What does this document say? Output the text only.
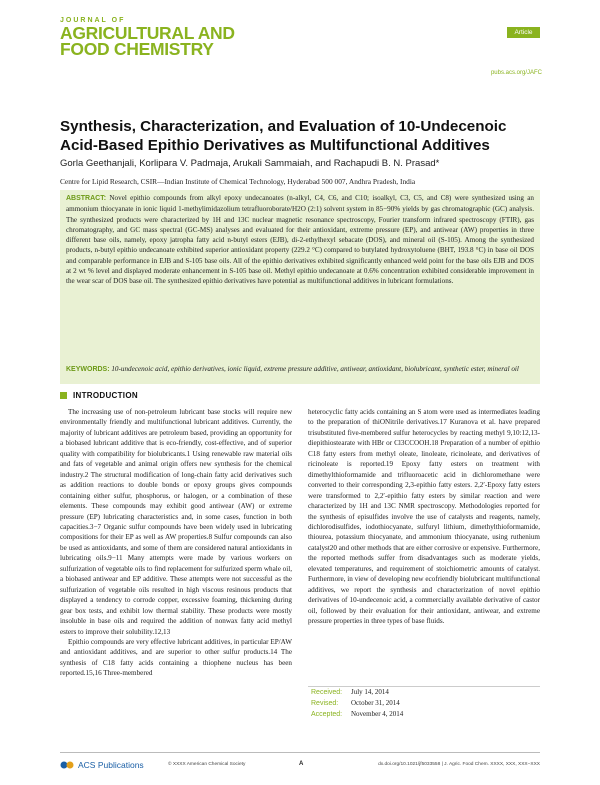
JOURNAL OF
AGRICULTURAL AND
FOOD CHEMISTRY
Article
pubs.acs.org/JAFC
Synthesis, Characterization, and Evaluation of 10-Undecenoic Acid-Based Epithio Derivatives as Multifunctional Additives
Gorla Geethanjali, Korlipara V. Padmaja, Arukali Sammaiah, and Rachapudi B. N. Prasad*
Centre for Lipid Research, CSIR—Indian Institute of Chemical Technology, Hyderabad 500 007, Andhra Pradesh, India
ABSTRACT: Novel epithio compounds from alkyl epoxy undecanoates (n-alkyl, C4, C6, and C10; isoalkyl, C3, C5, and C8) were synthesized using an ammonium thiocyanate in ionic liquid 1-methylimidazolium tetrafluoroborate/H2O (2:1) solvent system in 85−90% yields by gas chromatographic (GC) analysis. The synthesized products were characterized by 1H and 13C nuclear magnetic resonance spectroscopy, Fourier transform infrared spectroscopy (FTIR), gas chromatography, and GC mass spectral (GC-MS) analyses and evaluated for their antioxidant, extreme pressure (EP), and antiwear (AW) properties in three different base oils, namely, epoxy jatropha fatty acid n-butyl esters (EJB), di-2-ethylhexyl sebacate (DOS), and mineral oil (S-105). Among the synthesized products, n-butyl epithio undecanoate exhibited superior antioxidant property (229.2 °C) compared to butylated hydroxytoluene (BHT, 193.8 °C) in base oil DOS and comparable performance in EJB and S-105 base oils. All of the epithio derivatives exhibited significantly enhanced weld point for the base oils EJB and DOS at 2 wt % level and displayed moderate enhancement in S-105 base oil. Methyl epithio undecanoate at 0.6% concentration exhibited considerable improvement in the wear scar of DOS base oil. The synthesized epithio derivatives have potential as multifunctional additives in lubricant formulations.
KEYWORDS: 10-undecenoic acid, epithio derivatives, ionic liquid, extreme pressure additive, antiwear, antioxidant, biolubricant, synthetic ester, mineral oil
INTRODUCTION

The increasing use of non-petroleum lubricant base stocks will require new environmentally friendly and multifunctional lubricant additives. Currently, the majority of lubricant additives are petroleum based, providing an opportunity for a biobased lubricant additive that is eco-friendly, cost-effective, and of superior quality with compatibility for biolubricants.1 Using renewable raw material oils and fats of vegetable and animal origin offers new synthesis for the chemical industry.2 The structural modification of long-chain fatty acid derivatives such as addition reactions to double bonds or epoxy groups gives compounds containing either sulfur, phosphorus, or halogen, or a combination of these elements. These compounds may exhibit good antiwear (AW) or extreme pressure (EP) lubricating characteristics and, in some cases, function in both capacities.3−7 Organic sulfur compounds have been widely used in lubricating compositions for their EP as well as AW properties.8 Sulfur compounds can also be used as antioxidants, and some of them are considered natural antioxidants in lubricating oils.9−11 Many attempts were made by various workers on sulfurization of vegetable oils to find replacement for sulfurized sperm whale oil, a biobased antiwear and EP additive. These attempts were not successful as the sulfurization of vegetable oils resulted in high viscous resinous products that displayed a tendency to corrode copper, excessive foaming, thickening during gear box tests, and exhibit low thermal stability. These products were mostly insoluble in base oils and required the addition of nonwax fatty acid methyl esters to improve their solubility.12,13

Epithio compounds are very effective lubricant additives, in particular EP/AW and antioxidant additives, and are superior to other sulfur products.14 The synthesis of C18 fatty acids containing a thiophene nucleus has been reported.15,16 Three-membered

heterocyclic fatty acids containing an S atom were used as intermediates leading to the preparation of thiONitrile derivatives.17 Kuranova et al. have prepared trisubstituted five-membered sulfur heterocycles by reacting methyl 9,10:12,13-diepithiostearate with HBr or Cl3CCOOH.18 Preparation of a number of epithio C18 fatty esters from methyl oleate, linoleate, ricinoleate, and derivatives of ricinoleate is reported.19 Epoxy fatty esters on treatment with dimethylthioformamide and trifluoroacetic acid in dichloromethane were converted to their corresponding 2,3-epithio fatty esters. 2,2′-Epoxy fatty esters were transformed to 2,2′-epithio fatty esters by similar reaction and were characterized by 1H and 13C NMR spectroscopy. Methodologies reported for the synthesis of episulfides involve the use of catalysts and reagents, namely, dichlorodisulfides, iodothiocyanate, sulfuryl lithium, dimethylthioformamide, thiourea, potassium thiocyanate, and ammonium thiocyanate, using ruthenium catalyst20 and other methods that are either corrosive or expensive. Furthermore, the reported methods suffer from disadvantages such as moderate yields, elevated temperatures, and requirement of stoichiometric amounts of catalyst. Furthermore, in view of developing new ecofriendly biolubricant multifunctional additives, we report the synthesis and characterization of novel epithio derivatives of 10-undecenoic acid, a commercially available derivative of castor oil, followed by their evaluation for their antioxidant, antiwear, and extreme pressure properties in three types of base fluids.

Received: July 14, 2014
Revised: October 31, 2014
Accepted: November 4, 2014
ACS Publications	© XXXX American Chemical Society	A	dx.doi.org/10.1021/jf5033558 | J. Agric. Food Chem. XXXX, XXX, XXX−XXX
